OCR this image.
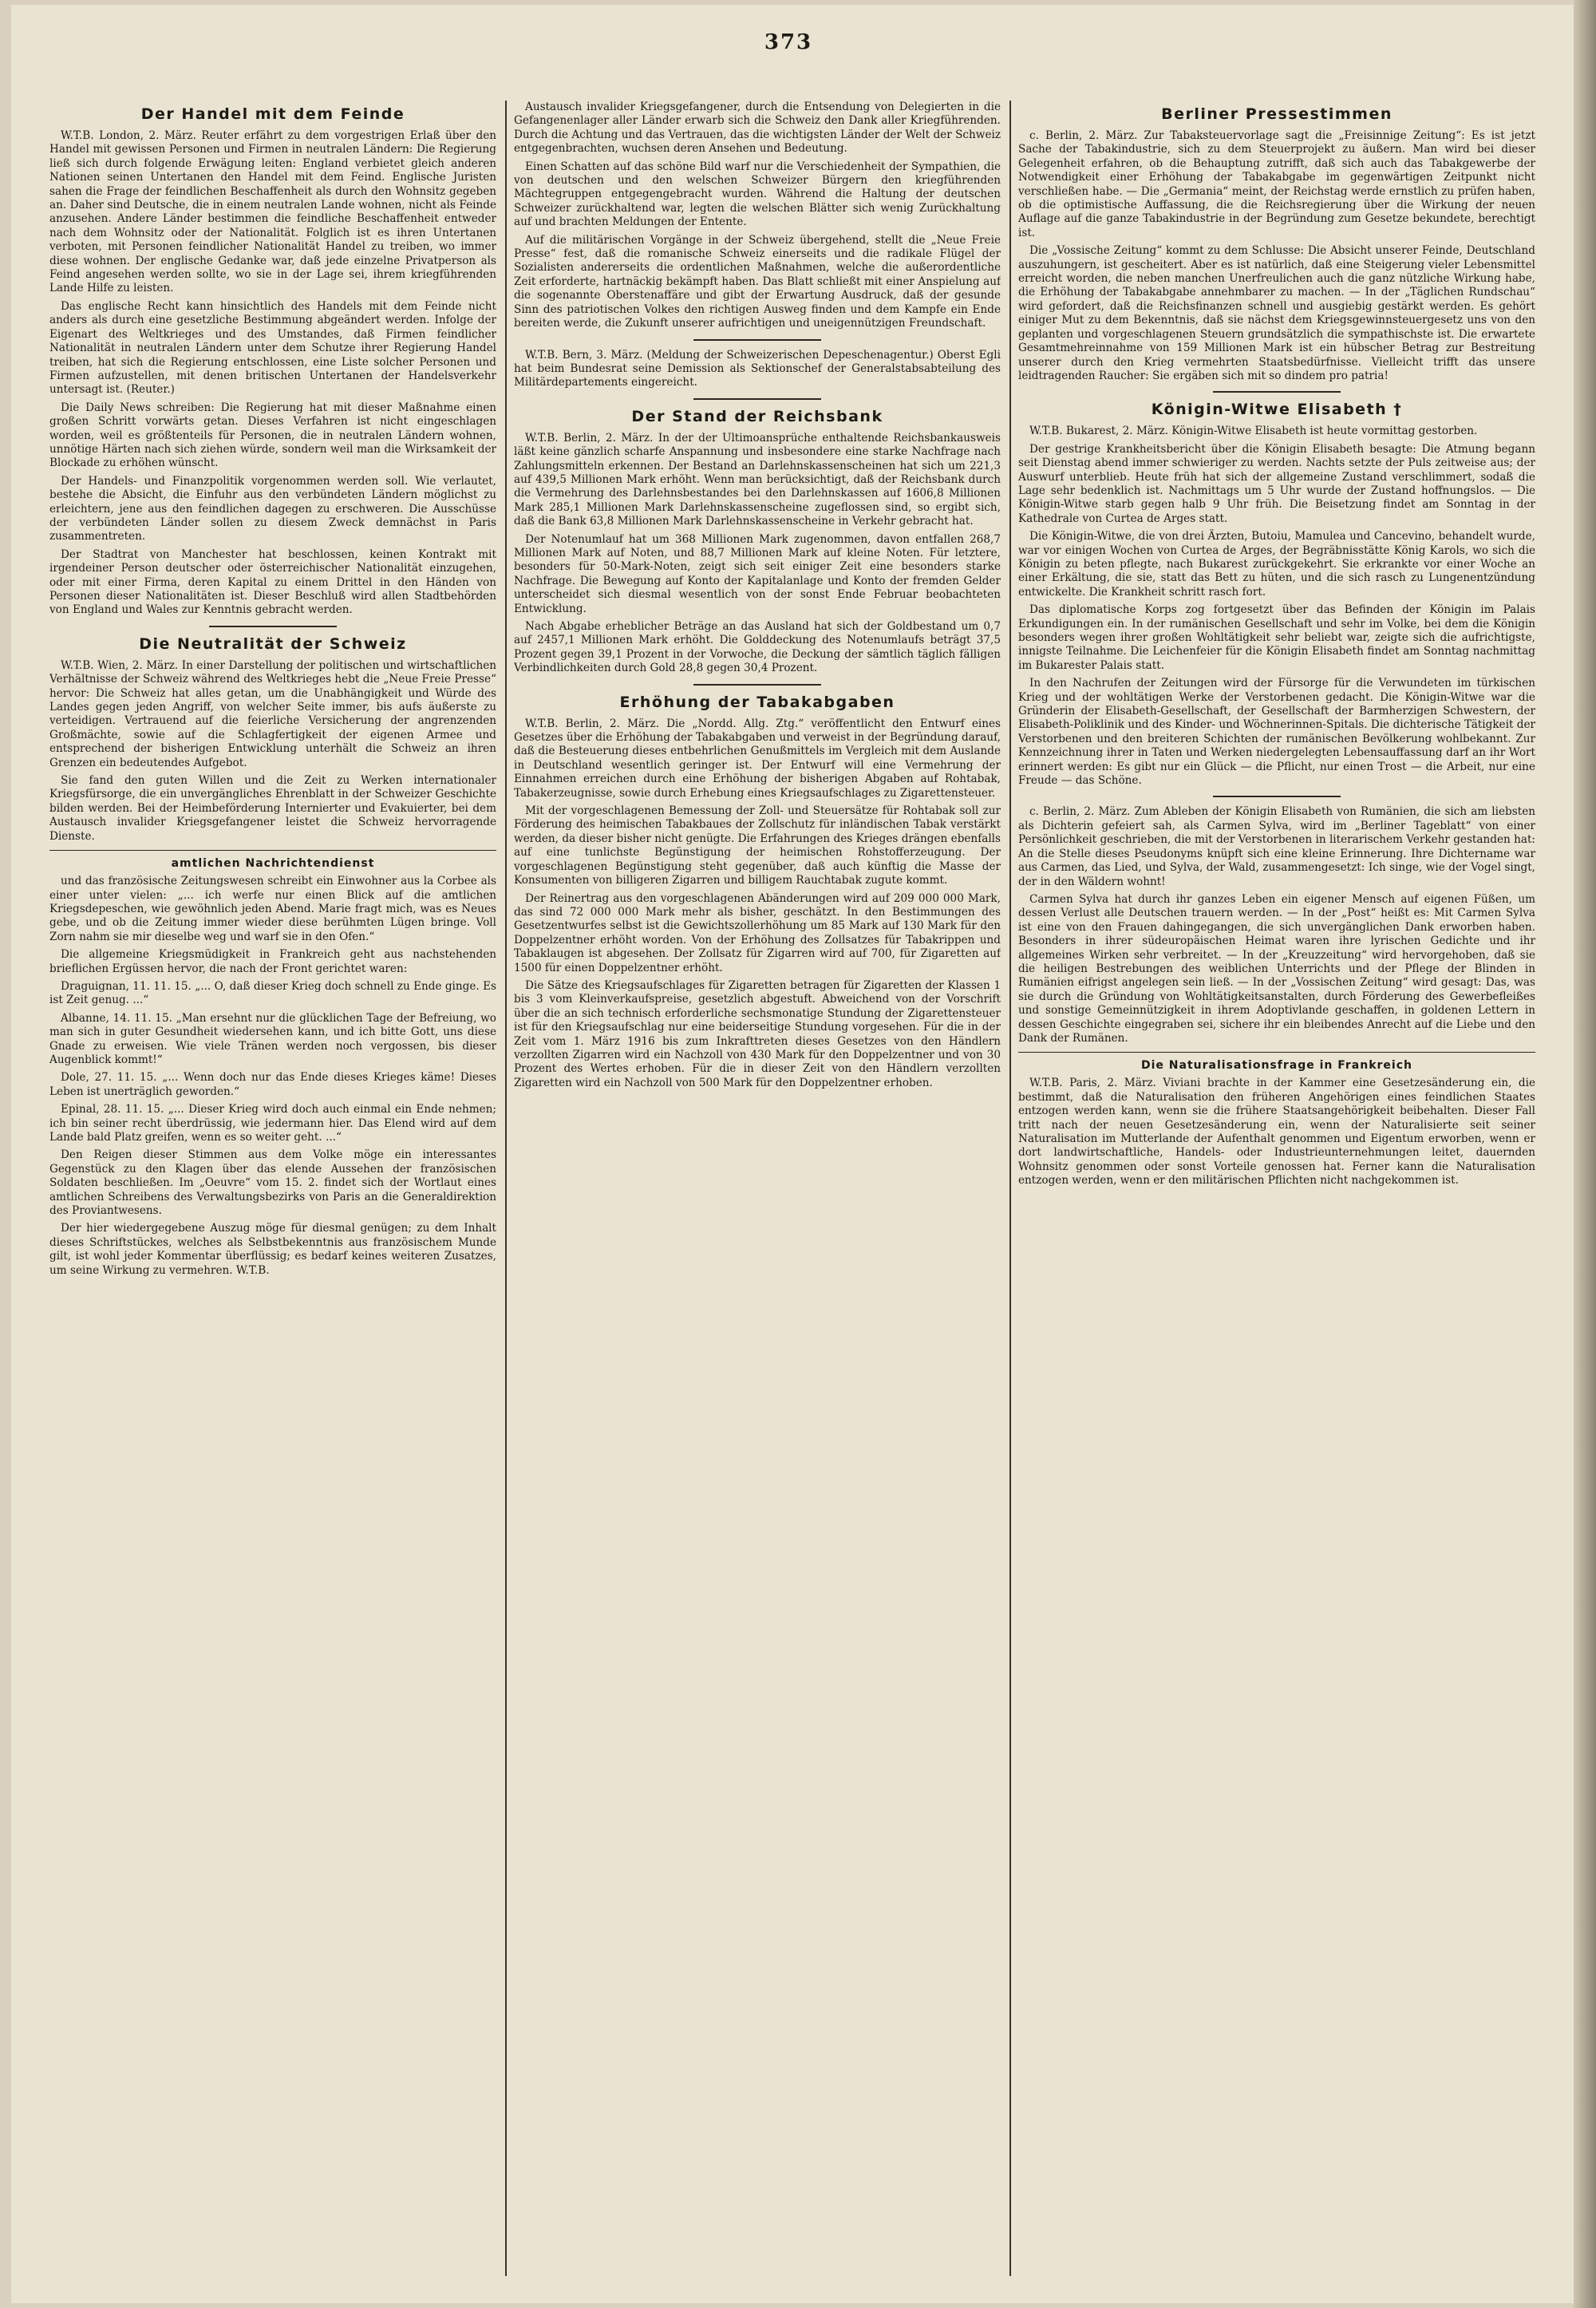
373
Der Handel mit dem Feinde

W.T.B. London, 2. März. Reuter erfährt zu dem vorgestrigen Erlaß über den Handel mit gewissen Personen und Firmen in neutralen Ländern: Die Regierung ließ sich durch folgende Erwägung leiten: England verbietet gleich anderen Nationen seinen Untertanen den Handel mit dem Feind. Englische Juristen sahen die Frage der feindlichen Beschaffenheit als durch den Wohnsitz gegeben an. Daher sind Deutsche, die in einem neutralen Lande wohnen, nicht als Feinde anzusehen. Andere Länder bestimmen die feindliche Beschaffenheit entweder nach dem Wohnsitz oder der Nationalität. Folglich ist es ihren Untertanen verboten, mit Personen feindlicher Nationalität Handel zu treiben, wo immer diese wohnen. Der englische Gedanke war, daß jede einzelne Privatperson als Feind angesehen werden sollte, wo sie in der Lage sei, ihrem kriegführenden Lande Hilfe zu leisten.

Das englische Recht kann hinsichtlich des Handels mit dem Feinde nicht anders als durch eine gesetzliche Bestimmung abgeändert werden. Infolge der Eigenart des Weltkrieges und des Umstandes, daß Firmen feindlicher Nationalität in neutralen Ländern unter dem Schutze ihrer Regierung Handel treiben, hat sich die Regierung entschlossen, eine Liste solcher Personen und Firmen aufzustellen, mit denen britischen Untertanen der Handelsverkehr untersagt ist. (Reuter.)

Die Daily News schreiben: Die Regierung hat mit dieser Maßnahme einen großen Schritt vorwärts getan. Dieses Verfahren ist nicht eingeschlagen worden, weil es größtenteils für Personen, die in neutralen Ländern wohnen, unnötige Härten nach sich ziehen würde, sondern weil man die Wirksamkeit der Blockade zu erhöhen wünscht.

Der Handels- und Finanzpolitik vorgenommen werden soll. Wie verlautet, bestehe die Absicht, die Einfuhr aus den verbündeten Ländern möglichst zu erleichtern, jene aus den feindlichen dagegen zu erschweren. Die Ausschüsse der verbündeten Länder sollen zu diesem Zweck demnächst in Paris zusammentreten.

Der Stadtrat von Manchester hat beschlossen, keinen Kontrakt mit irgendeiner Person deutscher oder österreichischer Nationalität einzugehen, oder mit einer Firma, deren Kapital zu einem Drittel in den Händen von Personen dieser Nationalitäten ist. Dieser Beschluß wird allen Stadtbehörden von England und Wales zur Kenntnis gebracht werden.

Die Neutralität der Schweiz

W.T.B. Wien, 2. März. In einer Darstellung der politischen und wirtschaftlichen Verhältnisse der Schweiz während des Weltkrieges hebt die „Neue Freie Presse“ hervor: Die Schweiz hat alles getan, um die Unabhängigkeit und Würde des Landes gegen jeden Angriff, von welcher Seite immer, bis aufs äußerste zu verteidigen. Vertrauend auf die feierliche Versicherung der angrenzenden Großmächte, sowie auf die Schlagfertigkeit der eigenen Armee und entsprechend der bisherigen Entwicklung unterhält die Schweiz an ihren Grenzen ein bedeutendes Aufgebot.

Sie fand den guten Willen und die Zeit zu Werken internationaler Kriegsfürsorge, die ein unvergängliches Ehrenblatt in der Schweizer Geschichte bilden werden. Bei der Heimbeförderung Internierter und Evakuierter, bei dem Austausch invalider Kriegsgefangener leistet die Schweiz hervorragende Dienste.

amtlichen Nachrichtendienst

und das französische Zeitungswesen schreibt ein Einwohner aus la Corbee als einer unter vielen: „... ich werfe nur einen Blick auf die amtlichen Kriegsdepeschen, wie gewöhnlich jeden Abend. Marie fragt mich, was es Neues gebe, und ob die Zeitung immer wieder diese berühmten Lügen bringe. Voll Zorn nahm sie mir dieselbe weg und warf sie in den Ofen.“

Die allgemeine Kriegsmüdigkeit in Frankreich geht aus nachstehenden brieflichen Ergüssen hervor, die nach der Front gerichtet waren:

Draguignan, 11. 11. 15. „... O, daß dieser Krieg doch schnell zu Ende ginge. Es ist Zeit genug. ...“

Albanne, 14. 11. 15. „Man ersehnt nur die glücklichen Tage der Befreiung, wo man sich in guter Gesundheit wiedersehen kann, und ich bitte Gott, uns diese Gnade zu erweisen. Wie viele Tränen werden noch vergossen, bis dieser Augenblick kommt!“

Dole, 27. 11. 15. „... Wenn doch nur das Ende dieses Krieges käme! Dieses Leben ist unerträglich geworden.“

Epinal, 28. 11. 15. „... Dieser Krieg wird doch auch einmal ein Ende nehmen; ich bin seiner recht überdrüssig, wie jedermann hier. Das Elend wird auf dem Lande bald Platz greifen, wenn es so weiter geht. ...“

Den Reigen dieser Stimmen aus dem Volke möge ein interessantes Gegenstück zu den Klagen über das elende Aussehen der französischen Soldaten beschließen. Im „Oeuvre“ vom 15. 2. findet sich der Wortlaut eines amtlichen Schreibens des Verwaltungsbezirks von Paris an die Generaldirektion des Proviantwesens.

Der hier wiedergegebene Auszug möge für diesmal genügen; zu dem Inhalt dieses Schriftstückes, welches als Selbstbekenntnis aus französischem Munde gilt, ist wohl jeder Kommentar überflüssig; es bedarf keines weiteren Zusatzes, um seine Wirkung zu vermehren. W.T.B.

Austausch invalider Kriegsgefangener, durch die Entsendung von Delegierten in die Gefangenenlager aller Länder erwarb sich die Schweiz den Dank aller Kriegführenden. Durch die Achtung und das Vertrauen, das die wichtigsten Länder der Welt der Schweiz entgegenbrachten, wuchsen deren Ansehen und Bedeutung.

Einen Schatten auf das schöne Bild warf nur die Verschiedenheit der Sympathien, die von deutschen und den welschen Schweizer Bürgern den kriegführenden Mächtegruppen entgegengebracht wurden. Während die Haltung der deutschen Schweizer zurückhaltend war, legten die welschen Blätter sich wenig Zurückhaltung auf und brachten Meldungen der Entente.

Auf die militärischen Vorgänge in der Schweiz übergehend, stellt die „Neue Freie Presse“ fest, daß die romanische Schweiz einerseits und die radikale Flügel der Sozialisten andererseits die ordentlichen Maßnahmen, welche die außerordentliche Zeit erforderte, hartnäckig bekämpft haben. Das Blatt schließt mit einer Anspielung auf die sogenannte Oberstenaffäre und gibt der Erwartung Ausdruck, daß der gesunde Sinn des patriotischen Volkes den richtigen Ausweg finden und dem Kampfe ein Ende bereiten werde, die Zukunft unserer aufrichtigen und uneigennützigen Freundschaft.

W.T.B. Bern, 3. März. (Meldung der Schweizerischen Depeschenagentur.) Oberst Egli hat beim Bundesrat seine Demission als Sektionschef der Generalstabsabteilung des Militärdepartements eingereicht.

Der Stand der Reichsbank

W.T.B. Berlin, 2. März. In der der Ultimoansprüche enthaltende Reichsbankausweis läßt keine gänzlich scharfe Anspannung und insbesondere eine starke Nachfrage nach Zahlungsmitteln erkennen. Der Bestand an Darlehnskassenscheinen hat sich um 221,3 auf 439,5 Millionen Mark erhöht. Wenn man berücksichtigt, daß der Reichsbank durch die Vermehrung des Darlehnsbestandes bei den Darlehnskassen auf 1606,8 Millionen Mark 285,1 Millionen Mark Darlehnskassenscheine zugeflossen sind, so ergibt sich, daß die Bank 63,8 Millionen Mark Darlehnskassenscheine in Verkehr gebracht hat.

Der Notenumlauf hat um 368 Millionen Mark zugenommen, davon entfallen 268,7 Millionen Mark auf Noten, und 88,7 Millionen Mark auf kleine Noten. Für letztere, besonders für 50-Mark-Noten, zeigt sich seit einiger Zeit eine besonders starke Nachfrage. Die Bewegung auf Konto der Kapitalanlage und Konto der fremden Gelder unterscheidet sich diesmal wesentlich von der sonst Ende Februar beobachteten Entwicklung.

Nach Abgabe erheblicher Beträge an das Ausland hat sich der Goldbestand um 0,7 auf 2457,1 Millionen Mark erhöht. Die Golddeckung des Notenumlaufs beträgt 37,5 Prozent gegen 39,1 Prozent in der Vorwoche, die Deckung der sämtlich täglich fälligen Verbindlichkeiten durch Gold 28,8 gegen 30,4 Prozent.

Erhöhung der Tabakabgaben

W.T.B. Berlin, 2. März. Die „Nordd. Allg. Ztg.“ veröffentlicht den Entwurf eines Gesetzes über die Erhöhung der Tabakabgaben und verweist in der Begründung darauf, daß die Besteuerung dieses entbehrlichen Genußmittels im Vergleich mit dem Auslande in Deutschland wesentlich geringer ist. Der Entwurf will eine Vermehrung der Einnahmen erreichen durch eine Erhöhung der bisherigen Abgaben auf Rohtabak, Tabakerzeugnisse, sowie durch Erhebung eines Kriegsaufschlages zu Zigarettensteuer.

Mit der vorgeschlagenen Bemessung der Zoll- und Steuersätze für Rohtabak soll zur Förderung des heimischen Tabakbaues der Zollschutz für inländischen Tabak verstärkt werden, da dieser bisher nicht genügte. Die Erfahrungen des Krieges drängen ebenfalls auf eine tunlichste Begünstigung der heimischen Rohstofferzeugung. Der vorgeschlagenen Begünstigung steht gegenüber, daß auch künftig die Masse der Konsumenten von billigeren Zigarren und billigem Rauchtabak zugute kommt.

Der Reinertrag aus den vorgeschlagenen Abänderungen wird auf 209 000 000 Mark, das sind 72 000 000 Mark mehr als bisher, geschätzt. In den Bestimmungen des Gesetzentwurfes selbst ist die Gewichtszollerhöhung um 85 Mark auf 130 Mark für den Doppelzentner erhöht worden. Von der Erhöhung des Zollsatzes für Tabakrippen und Tabaklaugen ist abgesehen. Der Zollsatz für Zigarren wird auf 700, für Zigaretten auf 1500 für einen Doppelzentner erhöht.

Die Sätze des Kriegsaufschlages für Zigaretten betragen für Zigaretten der Klassen 1 bis 3 vom Kleinverkaufspreise, gesetzlich abgestuft. Abweichend von der Vorschrift über die an sich technisch erforderliche sechsmonatige Stundung der Zigarettensteuer ist für den Kriegsaufschlag nur eine beiderseitige Stundung vorgesehen. Für die in der Zeit vom 1. März 1916 bis zum Inkrafttreten dieses Gesetzes von den Händlern verzollten Zigarren wird ein Nachzoll von 430 Mark für den Doppelzentner und von 30 Prozent des Wertes erhoben. Für die in dieser Zeit von den Händlern verzollten Zigaretten wird ein Nachzoll von 500 Mark für den Doppelzentner erhoben.

Berliner Pressestimmen

c. Berlin, 2. März. Zur Tabaksteuervorlage sagt die „Freisinnige Zeitung“: Es ist jetzt Sache der Tabakindustrie, sich zu dem Steuerprojekt zu äußern. Man wird bei dieser Gelegenheit erfahren, ob die Behauptung zutrifft, daß sich auch das Tabakgewerbe der Notwendigkeit einer Erhöhung der Tabakabgabe im gegenwärtigen Zeitpunkt nicht verschließen habe. — Die „Germania“ meint, der Reichstag werde ernstlich zu prüfen haben, ob die optimistische Auffassung, die die Reichsregierung über die Wirkung der neuen Auflage auf die ganze Tabakindustrie in der Begründung zum Gesetze bekundete, berechtigt ist.

Die „Vossische Zeitung“ kommt zu dem Schlusse: Die Absicht unserer Feinde, Deutschland auszuhungern, ist gescheitert. Aber es ist natürlich, daß eine Steigerung vieler Lebensmittel erreicht worden, die neben manchen Unerfreulichen auch die ganz nützliche Wirkung habe, die Erhöhung der Tabakabgabe annehmbarer zu machen. — In der „Täglichen Rundschau“ wird gefordert, daß die Reichsfinanzen schnell und ausgiebig gestärkt werden. Es gehört einiger Mut zu dem Bekenntnis, daß sie nächst dem Kriegsgewinnsteuergesetz uns von den geplanten und vorgeschlagenen Steuern grundsätzlich die sympathischste ist. Die erwartete Gesamtmehreinnahme von 159 Millionen Mark ist ein hübscher Betrag zur Bestreitung unserer durch den Krieg vermehrten Staatsbedürfnisse. Vielleicht trifft das unsere leidtragenden Raucher: Sie ergäben sich mit so dindem pro patria!

Königin-Witwe Elisabeth †

W.T.B. Bukarest, 2. März. Königin-Witwe Elisabeth ist heute vormittag gestorben.

Der gestrige Krankheitsbericht über die Königin Elisabeth besagte: Die Atmung begann seit Dienstag abend immer schwieriger zu werden. Nachts setzte der Puls zeitweise aus; der Auswurf unterblieb. Heute früh hat sich der allgemeine Zustand verschlimmert, sodaß die Lage sehr bedenklich ist. Nachmittags um 5 Uhr wurde der Zustand hoffnungslos. — Die Königin-Witwe starb gegen halb 9 Uhr früh. Die Beisetzung findet am Sonntag in der Kathedrale von Curtea de Arges statt.

Die Königin-Witwe, die von drei Ärzten, Butoiu, Mamulea und Cancevino, behandelt wurde, war vor einigen Wochen von Curtea de Arges, der Begräbnisstätte König Karols, wo sich die Königin zu beten pflegte, nach Bukarest zurückgekehrt. Sie erkrankte vor einer Woche an einer Erkältung, die sie, statt das Bett zu hüten, und die sich rasch zu Lungenentzündung entwickelte. Die Krankheit schritt rasch fort.

Das diplomatische Korps zog fortgesetzt über das Befinden der Königin im Palais Erkundigungen ein. In der rumänischen Gesellschaft und sehr im Volke, bei dem die Königin besonders wegen ihrer großen Wohltätigkeit sehr beliebt war, zeigte sich die aufrichtigste, innigste Teilnahme. Die Leichenfeier für die Königin Elisabeth findet am Sonntag nachmittag im Bukarester Palais statt.

In den Nachrufen der Zeitungen wird der Fürsorge für die Verwundeten im türkischen Krieg und der wohltätigen Werke der Verstorbenen gedacht. Die Königin-Witwe war die Gründerin der Elisabeth-Gesellschaft, der Gesellschaft der Barmherzigen Schwestern, der Elisabeth-Poliklinik und des Kinder- und Wöchnerinnen-Spitals. Die dichterische Tätigkeit der Verstorbenen und den breiteren Schichten der rumänischen Bevölkerung wohlbekannt. Zur Kennzeichnung ihrer in Taten und Werken niedergelegten Lebensauffassung darf an ihr Wort erinnert werden: Es gibt nur ein Glück — die Pflicht, nur einen Trost — die Arbeit, nur eine Freude — das Schöne.

c. Berlin, 2. März. Zum Ableben der Königin Elisabeth von Rumänien, die sich am liebsten als Dichterin gefeiert sah, als Carmen Sylva, wird im „Berliner Tageblatt“ von einer Persönlichkeit geschrieben, die mit der Verstorbenen in literarischem Verkehr gestanden hat: An die Stelle dieses Pseudonyms knüpft sich eine kleine Erinnerung. Ihre Dichtername war aus Carmen, das Lied, und Sylva, der Wald, zusammengesetzt: Ich singe, wie der Vogel singt, der in den Wäldern wohnt!

Carmen Sylva hat durch ihr ganzes Leben ein eigener Mensch auf eigenen Füßen, um dessen Verlust alle Deutschen trauern werden. — In der „Post“ heißt es: Mit Carmen Sylva ist eine von den Frauen dahingegangen, die sich unvergänglichen Dank erworben haben. Besonders in ihrer südeuropäischen Heimat waren ihre lyrischen Gedichte und ihr allgemeines Wirken sehr verbreitet. — In der „Kreuzzeitung“ wird hervorgehoben, daß sie die heiligen Bestrebungen des weiblichen Unterrichts und der Pflege der Blinden in Rumänien eifrigst angelegen sein ließ. — In der „Vossischen Zeitung“ wird gesagt: Das, was sie durch die Gründung von Wohltätigkeitsanstalten, durch Förderung des Gewerbefleißes und sonstige Gemeinnützigkeit in ihrem Adoptivlande geschaffen, in goldenen Lettern in dessen Geschichte eingegraben sei, sichere ihr ein bleibendes Anrecht auf die Liebe und den Dank der Rumänen.

Die Naturalisationsfrage in Frankreich

W.T.B. Paris, 2. März. Viviani brachte in der Kammer eine Gesetzesänderung ein, die bestimmt, daß die Naturalisation den früheren Angehörigen eines feindlichen Staates entzogen werden kann, wenn sie die frühere Staatsangehörigkeit beibehalten. Dieser Fall tritt nach der neuen Gesetzesänderung ein, wenn der Naturalisierte seit seiner Naturalisation im Mutterlande der Aufenthalt genommen und Eigentum erworben, wenn er dort landwirtschaftliche, Handels- oder Industrieunternehmungen leitet, dauernden Wohnsitz genommen oder sonst Vorteile genossen hat. Ferner kann die Naturalisation entzogen werden, wenn er den militärischen Pflichten nicht nachgekommen ist.
